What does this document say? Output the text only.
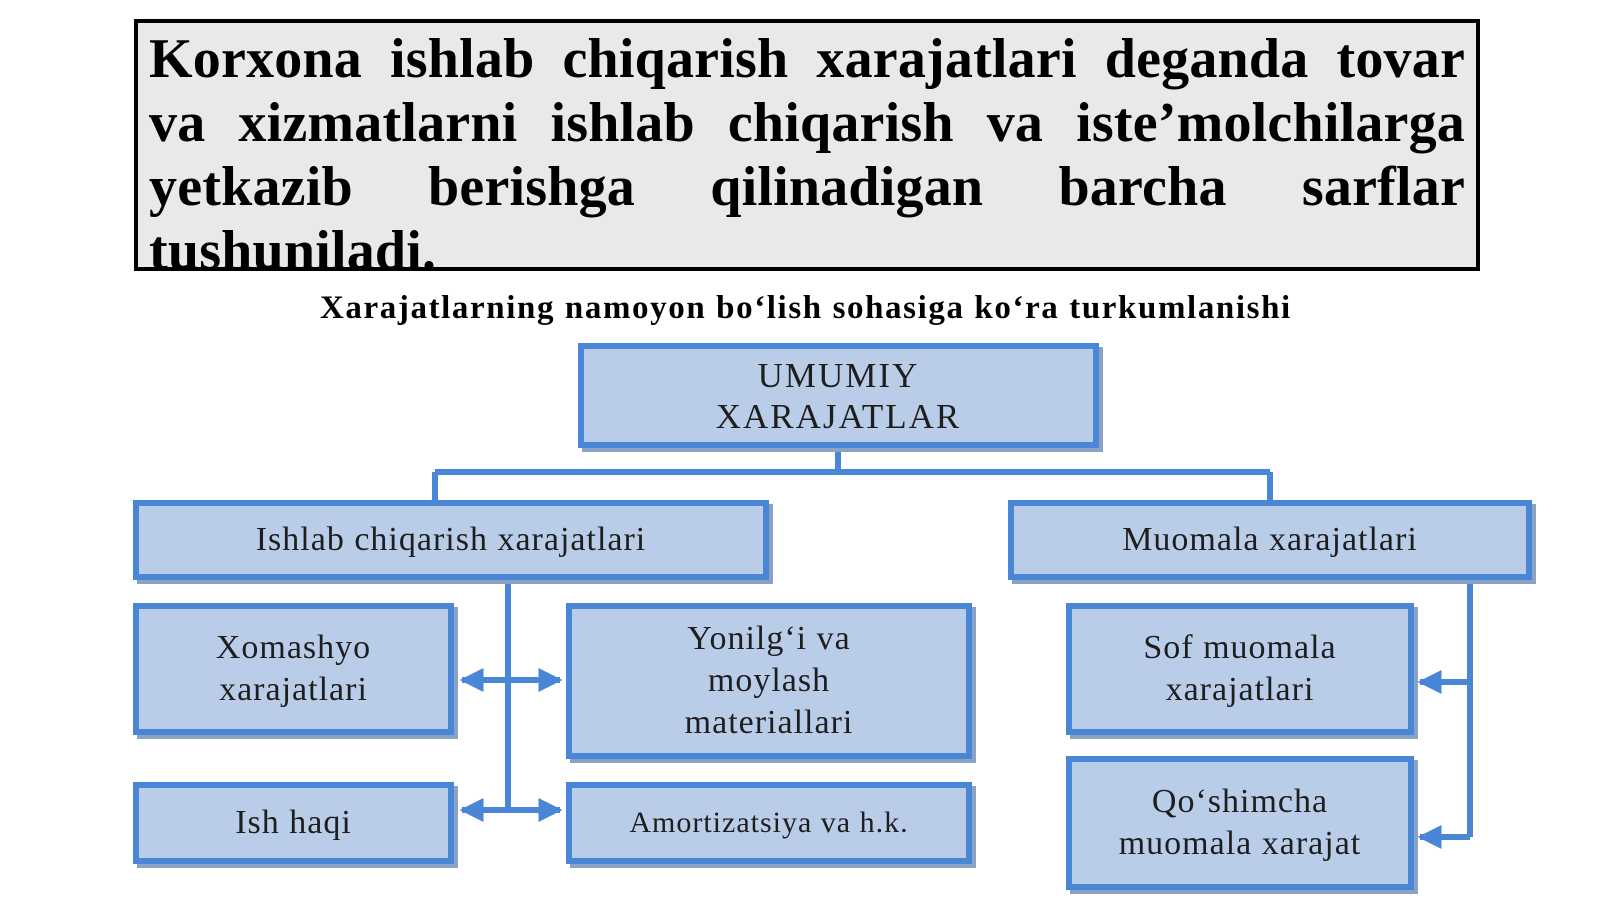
Korxona ishlab chiqarish xarajatlari deganda tovar va xizmatlarni ishlab chiqarish va iste’molchilarga yetkazib berishga qilinadigan barcha sarflar tushuniladi.

Xarajatlarning namoyon bo‘lish sohasiga ko‘ra turkumlanishi
UMUMIY XARAJATLAR
Ishlab chiqarish xarajatlari	Muomala xarajatlari
Xomashyo xarajatlari
Yonilg‘i va moylash materiallari
Ish haqi	Amortizatsiya va h.k.
Sof muomala xarajatlari
Qo‘shimcha muomala xarajat
